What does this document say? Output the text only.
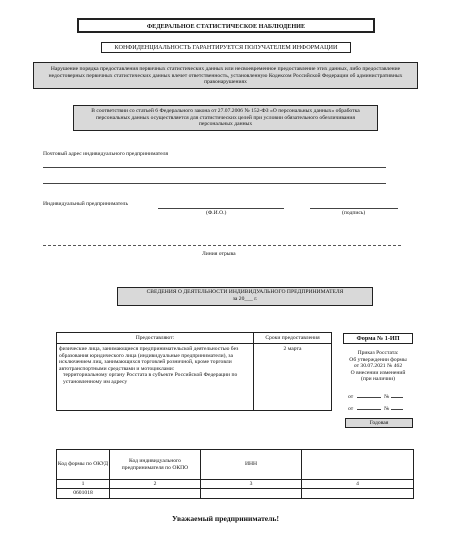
ФЕДЕРАЛЬНОЕ СТАТИСТИЧЕСКОЕ НАБЛЮДЕНИЕ
КОНФИДЕНЦИАЛЬНОСТЬ ГАРАНТИРУЕТСЯ ПОЛУЧАТЕЛЕМ ИНФОРМАЦИИ
Нарушение порядка предоставления первичных статистических данных или несвоевременное предоставление этих данных, либо предоставление недостоверных первичных статистических данных влечет ответственность, установленную Кодексом Российской Федерации об административных правонарушениях
В соответствии со статьей 6 Федерального закона от 27.07.2006 № 152-ФЗ «О персональных данных» обработка персональных данных осуществляется для статистических целей при условии обязательного обезличивания персональных данных
Почтовый адрес индивидуального предпринимателя
Индивидуальный предприниматель
(Ф.И.О.)	(подпись)
Линия отрыва
СВЕДЕНИЯ О ДЕЯТЕЛЬНОСТИ ИНДИВИДУАЛЬНОГО ПРЕДПРИНИМАТЕЛЯ
за 20___ г.
Предоставляют:	Сроки предоставления

физические лица, занимающиеся предпринимательской деятельностью без образования юридического лица (индивидуальные предприниматели), за исключением лиц, занимающихся торговлей розничной, кроме торговли автотранспортными средствами и мотоциклами:
территориальному органу Росстата в субъекте Российской Федерации по установленному им адресу	2 марта
Форма № 1-ИП
Приказ Росстата:
Об утверждении формы
от 30.07.2021 № 462
О внесении изменений
(при наличии)
от	№
от	№
Годовая
Код формы по ОКУД	Код индивидуального предпринимателя по ОКПО	ИНН	
1	2	3	4
0601018			
Уважаемый предприниматель!
